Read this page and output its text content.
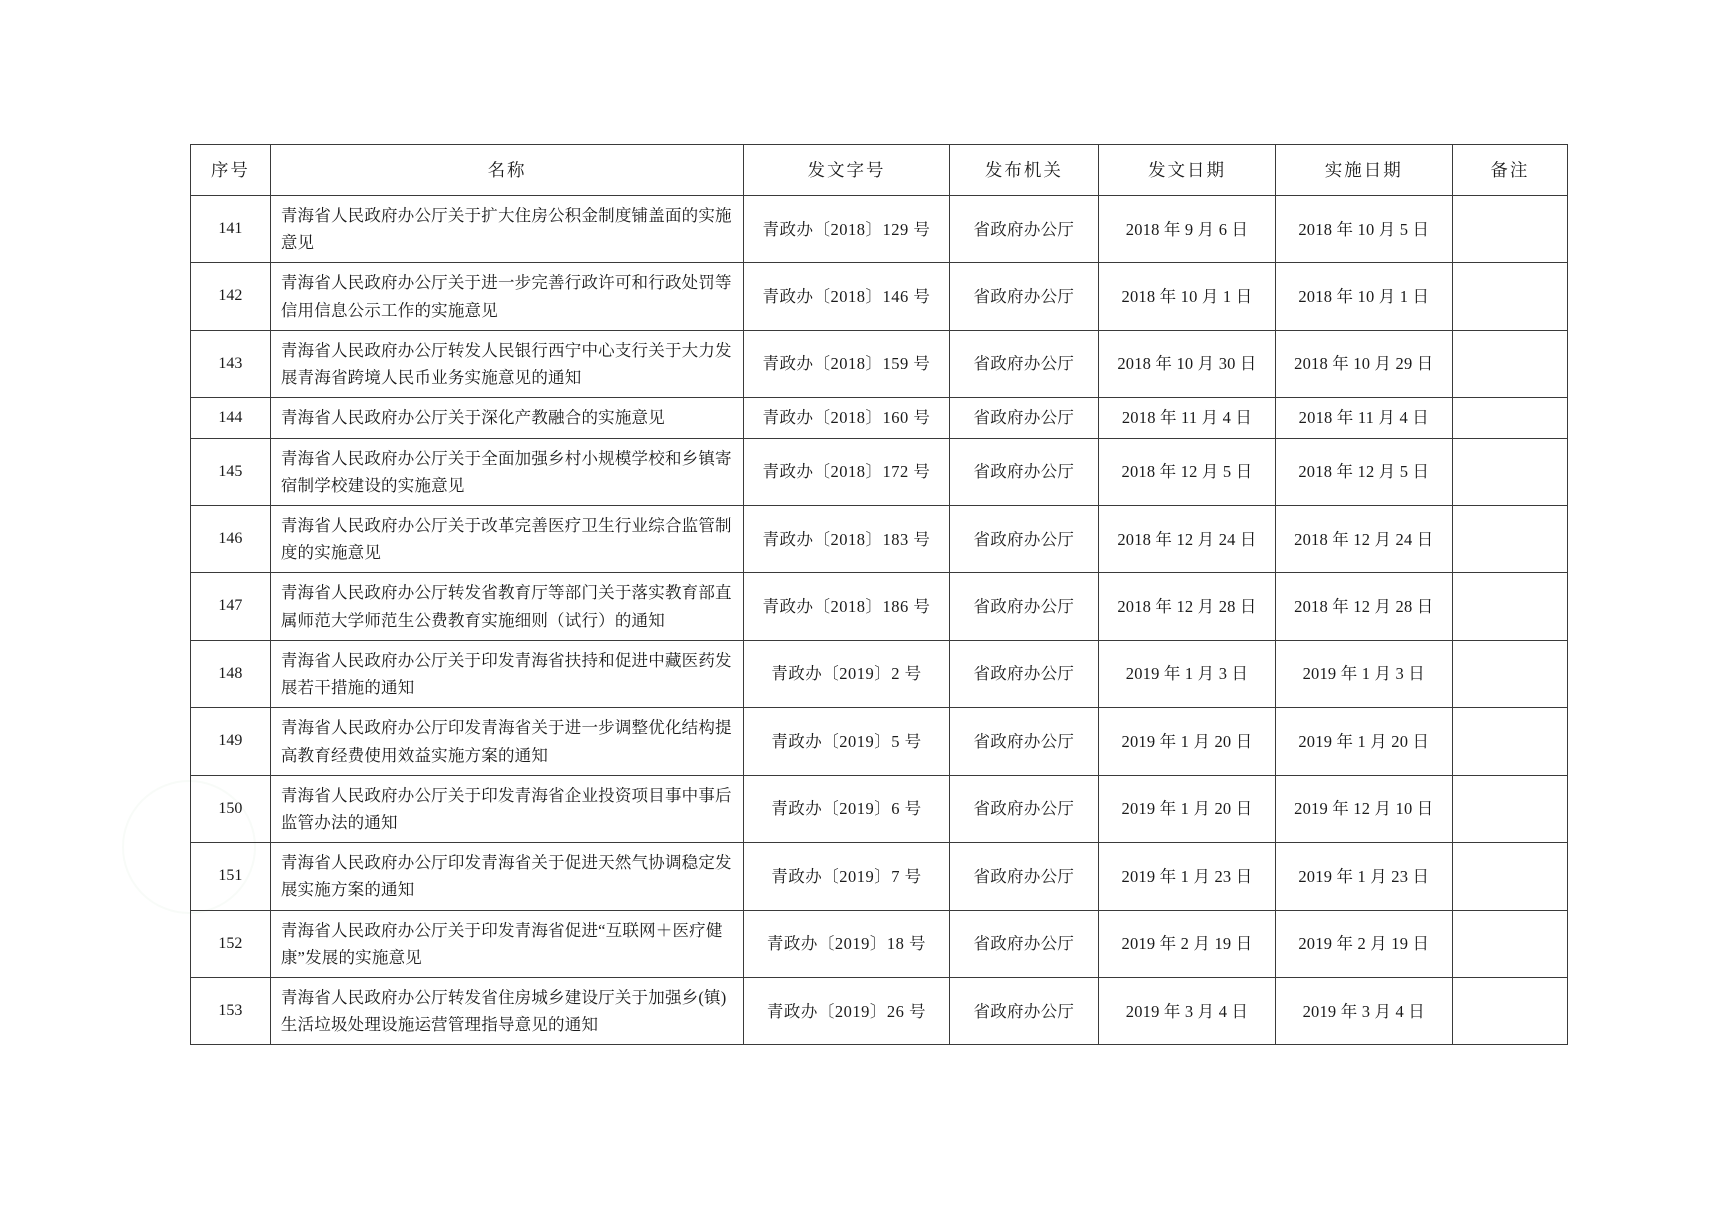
序号	名称	发文字号	发布机关	发文日期	实施日期	备注
141	青海省人民政府办公厅关于扩大住房公积金制度铺盖面的实施意见	青政办〔2018〕129 号	省政府办公厅	2018 年 9 月 6 日	2018 年 10 月 5 日	
142	青海省人民政府办公厅关于进一步完善行政许可和行政处罚等信用信息公示工作的实施意见	青政办〔2018〕146 号	省政府办公厅	2018 年 10 月 1 日	2018 年 10 月 1 日	
143	青海省人民政府办公厅转发人民银行西宁中心支行关于大力发展青海省跨境人民币业务实施意见的通知	青政办〔2018〕159 号	省政府办公厅	2018 年 10 月 30 日	2018 年 10 月 29 日	
144	青海省人民政府办公厅关于深化产教融合的实施意见	青政办〔2018〕160 号	省政府办公厅	2018 年 11 月 4 日	2018 年 11 月 4 日	
145	青海省人民政府办公厅关于全面加强乡村小规模学校和乡镇寄宿制学校建设的实施意见	青政办〔2018〕172 号	省政府办公厅	2018 年 12 月 5 日	2018 年 12 月 5 日	
146	青海省人民政府办公厅关于改革完善医疗卫生行业综合监管制度的实施意见	青政办〔2018〕183 号	省政府办公厅	2018 年 12 月 24 日	2018 年 12 月 24 日	
147	青海省人民政府办公厅转发省教育厅等部门关于落实教育部直属师范大学师范生公费教育实施细则（试行）的通知	青政办〔2018〕186 号	省政府办公厅	2018 年 12 月 28 日	2018 年 12 月 28 日	
148	青海省人民政府办公厅关于印发青海省扶持和促进中藏医药发展若干措施的通知	青政办〔2019〕2 号	省政府办公厅	2019 年 1 月 3 日	2019 年 1 月 3 日	
149	青海省人民政府办公厅印发青海省关于进一步调整优化结构提高教育经费使用效益实施方案的通知	青政办〔2019〕5 号	省政府办公厅	2019 年 1 月 20 日	2019 年 1 月 20 日	
150	青海省人民政府办公厅关于印发青海省企业投资项目事中事后监管办法的通知	青政办〔2019〕6 号	省政府办公厅	2019 年 1 月 20 日	2019 年 12 月 10 日	
151	青海省人民政府办公厅印发青海省关于促进天然气协调稳定发展实施方案的通知	青政办〔2019〕7 号	省政府办公厅	2019 年 1 月 23 日	2019 年 1 月 23 日	
152	青海省人民政府办公厅关于印发青海省促进“互联网＋医疗健康”发展的实施意见	青政办〔2019〕18 号	省政府办公厅	2019 年 2 月 19 日	2019 年 2 月 19 日	
153	青海省人民政府办公厅转发省住房城乡建设厅关于加强乡(镇) 生活垃圾处理设施运营管理指导意见的通知	青政办〔2019〕26 号	省政府办公厅	2019 年 3 月 4 日	2019 年 3 月 4 日	
